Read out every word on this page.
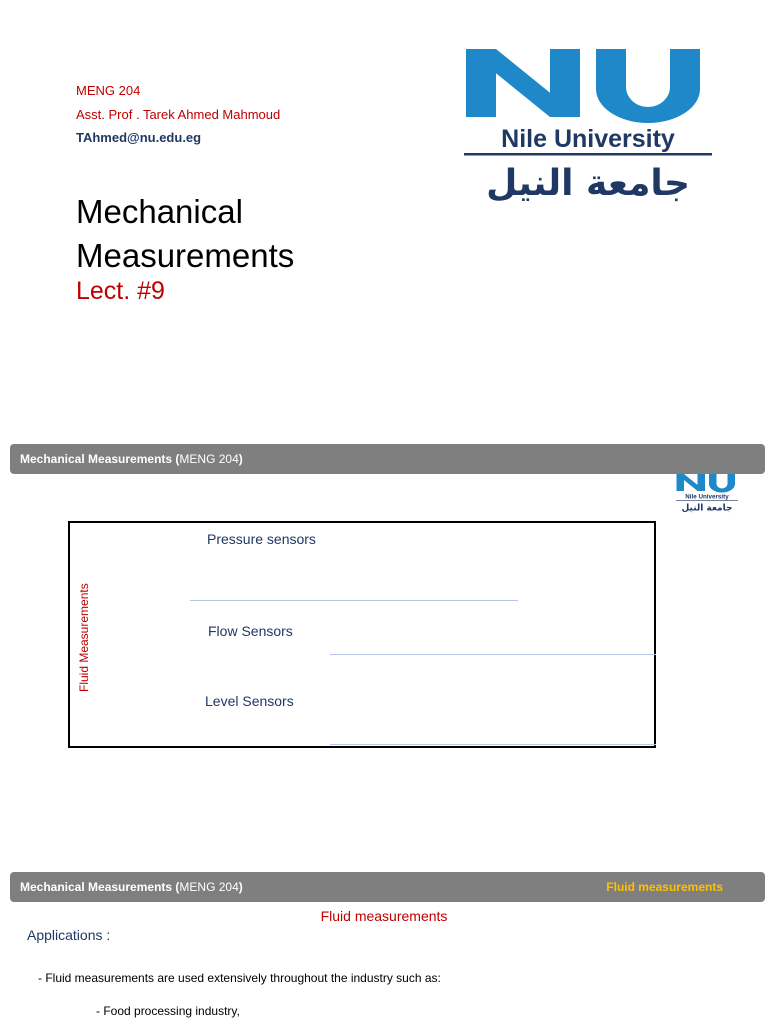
MENG 204
Asst. Prof . Tarek Ahmed Mahmoud
TAhmed@nu.edu.eg
Mechanical
Measurements
Lect. #9
Nile University
جامعة النيل
Mechanical Measurements (MENG 204)
Nile University
جامعة النيل
Fluid Measurements
Pressure sensors
Flow Sensors
Level Sensors
Mechanical Measurements (MENG 204)	Fluid measurements
Fluid measurements
Applications :
- Fluid measurements are used extensively throughout the industry such as:
- Food processing industry,
